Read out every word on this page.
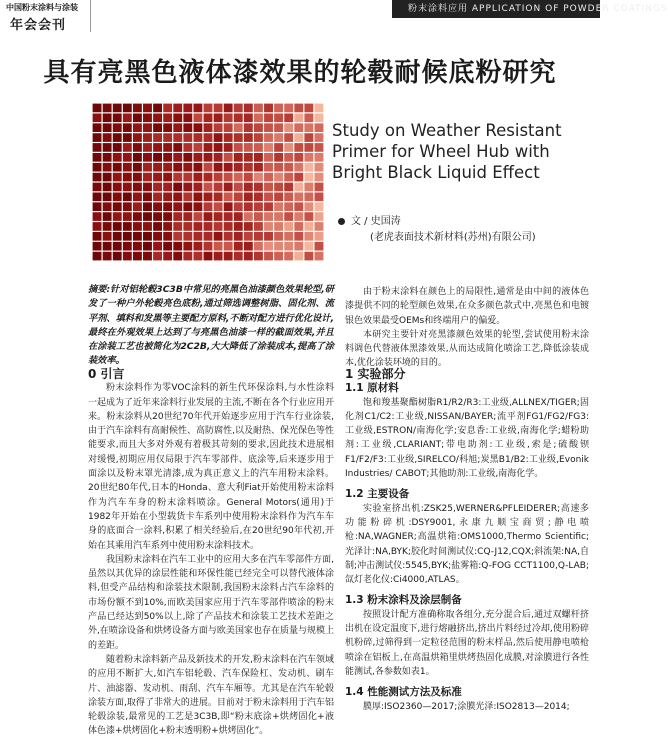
中国粉末涂料与涂装
年会会刊
粉末涂料应用 APPLICATION OF POWDER COATINGS
具有亮黑色液体漆效果的轮毂耐候底粉研究
Study on Weather Resistant Primer for Wheel Hub with Bright Black Liquid Effect
文 / 史国涛
(老虎表面技术新材料(苏州)有限公司)
摘要:针对铝轮毂3C3B中常见的亮黑色油漆颜色效果轮型,研发了一种户外轮毂亮色底粉,通过筛选调整树脂、固化剂、流平剂、填料和发黑等主要配方原料,不断对配方进行优化设计,最终在外观效果上达到了与亮黑色油漆一样的截面效果,并且在涂装工艺也被简化为2C2B,大大降低了涂装成本,提高了涂装效率。

由于粉末涂料在颜色上的局限性,通常是由中间的液体色漆提供不同的轮型颜色效果,在众多颜色款式中,亮黑色和电镀银色效果最受OEMs和终端用户的偏爱。

本研究主要针对亮黑漆颜色效果的轮型,尝试使用粉末涂料调色代替液体黑漆效果,从而达成简化喷涂工艺,降低涂装成本,优化涂装环境的目的。

1 实验部分
1.1 原材料

饱和羧基聚酯树脂R1/R2/R3:工业级,ALLNEX/TIGER;固化剂C1/C2:工业级,NISSAN/BAYER;流平剂FG1/FG2/FG3:工业级,ESTRON/南海化学;安息香:工业级,南海化学;蜡粉助剂:工业级,CLARIANT;带电助剂:工业级,索是;硫酸钡F1/F2/F3:工业级,SIRELCO/科旭;炭黑B1/B2:工业级,Evonik Industries/ CABOT;其他助剂:工业级,南海化学。

1.2 主要设备

实验室挤出机:ZSK25,WERNER&PFLEIDERER;高速多功能粉碎机:DSY9001,永康九顺宝商贸;静电喷枪:NA,WAGNER;高温烘箱:OMS1000,Thermo Scientific;光泽计:NA,BYK;胶化时间测试仪:CQ-J12,CQX;斜流架:NA,自制;冲击测试仪:5545,BYK;盐雾箱:Q-FOG CCT1100,Q-LAB;氙灯老化仪:Ci4000,ATLAS。

1.3 粉末涂料及涂层制备

按照设计配方准确称取各组分,充分混合后,通过双螺杆挤出机在设定温度下,进行熔融挤出,挤出片料经过冷却,使用粉碎机粉碎,过筛得到一定粒径范围的粉末样品,然后使用静电喷枪喷涂在铝板上,在高温烘箱里烘烤热固化成膜,对涂膜进行各性能测试,各参数如表1。

1.4 性能测试方法及标准

膜厚:ISO2360—2017;涂膜光泽:ISO2813—2014;

0 引言

粉末涂料作为零VOC涂料的新生代环保涂料,与水性涂料一起成为了近年来涂料行业发展的主流,不断在各个行业应用开来。粉末涂料从20世纪70年代开始逐步应用于汽车行业涂装,由于汽车涂料有高耐候性、高防腐性,以及耐热、保光保色等性能要求,而且大多对外观有着极其苛刻的要求,因此技术进展相对缓慢,初期应用仅局限于汽车零部件、底涂等,后来逐步用于面涂以及粉末罩光清漆,成为真正意义上的汽车用粉末涂料。20世纪80年代,日本的Honda、意大利Fiat开始使用粉末涂料作为汽车车身的粉末涂料喷涂。General Motors(通用)于1982年开始在小型载货卡车系列中使用粉末涂料作为汽车车身的底面合一涂料,积累了相关经验后,在20世纪90年代初,开始在其乘用汽车系列中使用粉末涂料技术。

我国粉末涂料在汽车工业中的应用大多在汽车零部件方面,虽然以其优异的涂层性能和环保性能已经完全可以替代液体涂料,但受产品结构和涂装技术限制,我国粉末涂料占汽车涂料的市场份额不到10%,而欧美国家应用于汽车零部件喷涂的粉末产品已经达到50%以上,除了产品技术和涂装工艺技术差距之外,在喷涂设备和烘烤设备方面与欧美国家也存在质量与规模上的差距。

随着粉末涂料新产品及新技术的开发,粉末涂料在汽车领域的应用不断扩大,如汽车铝轮毂、汽车保险杠、发动机、刷车片、油滤器、发动机、雨刮、汽车车厢等。尤其是在汽车轮毂涂装方面,取得了非常大的进展。目前对于粉末涂料用于汽车铝轮毂涂装,最常见的工艺是3C3B,即“粉末底涂+烘烤固化+液体色漆+烘烤固化+粉末透明粉+烘烤固化”。
